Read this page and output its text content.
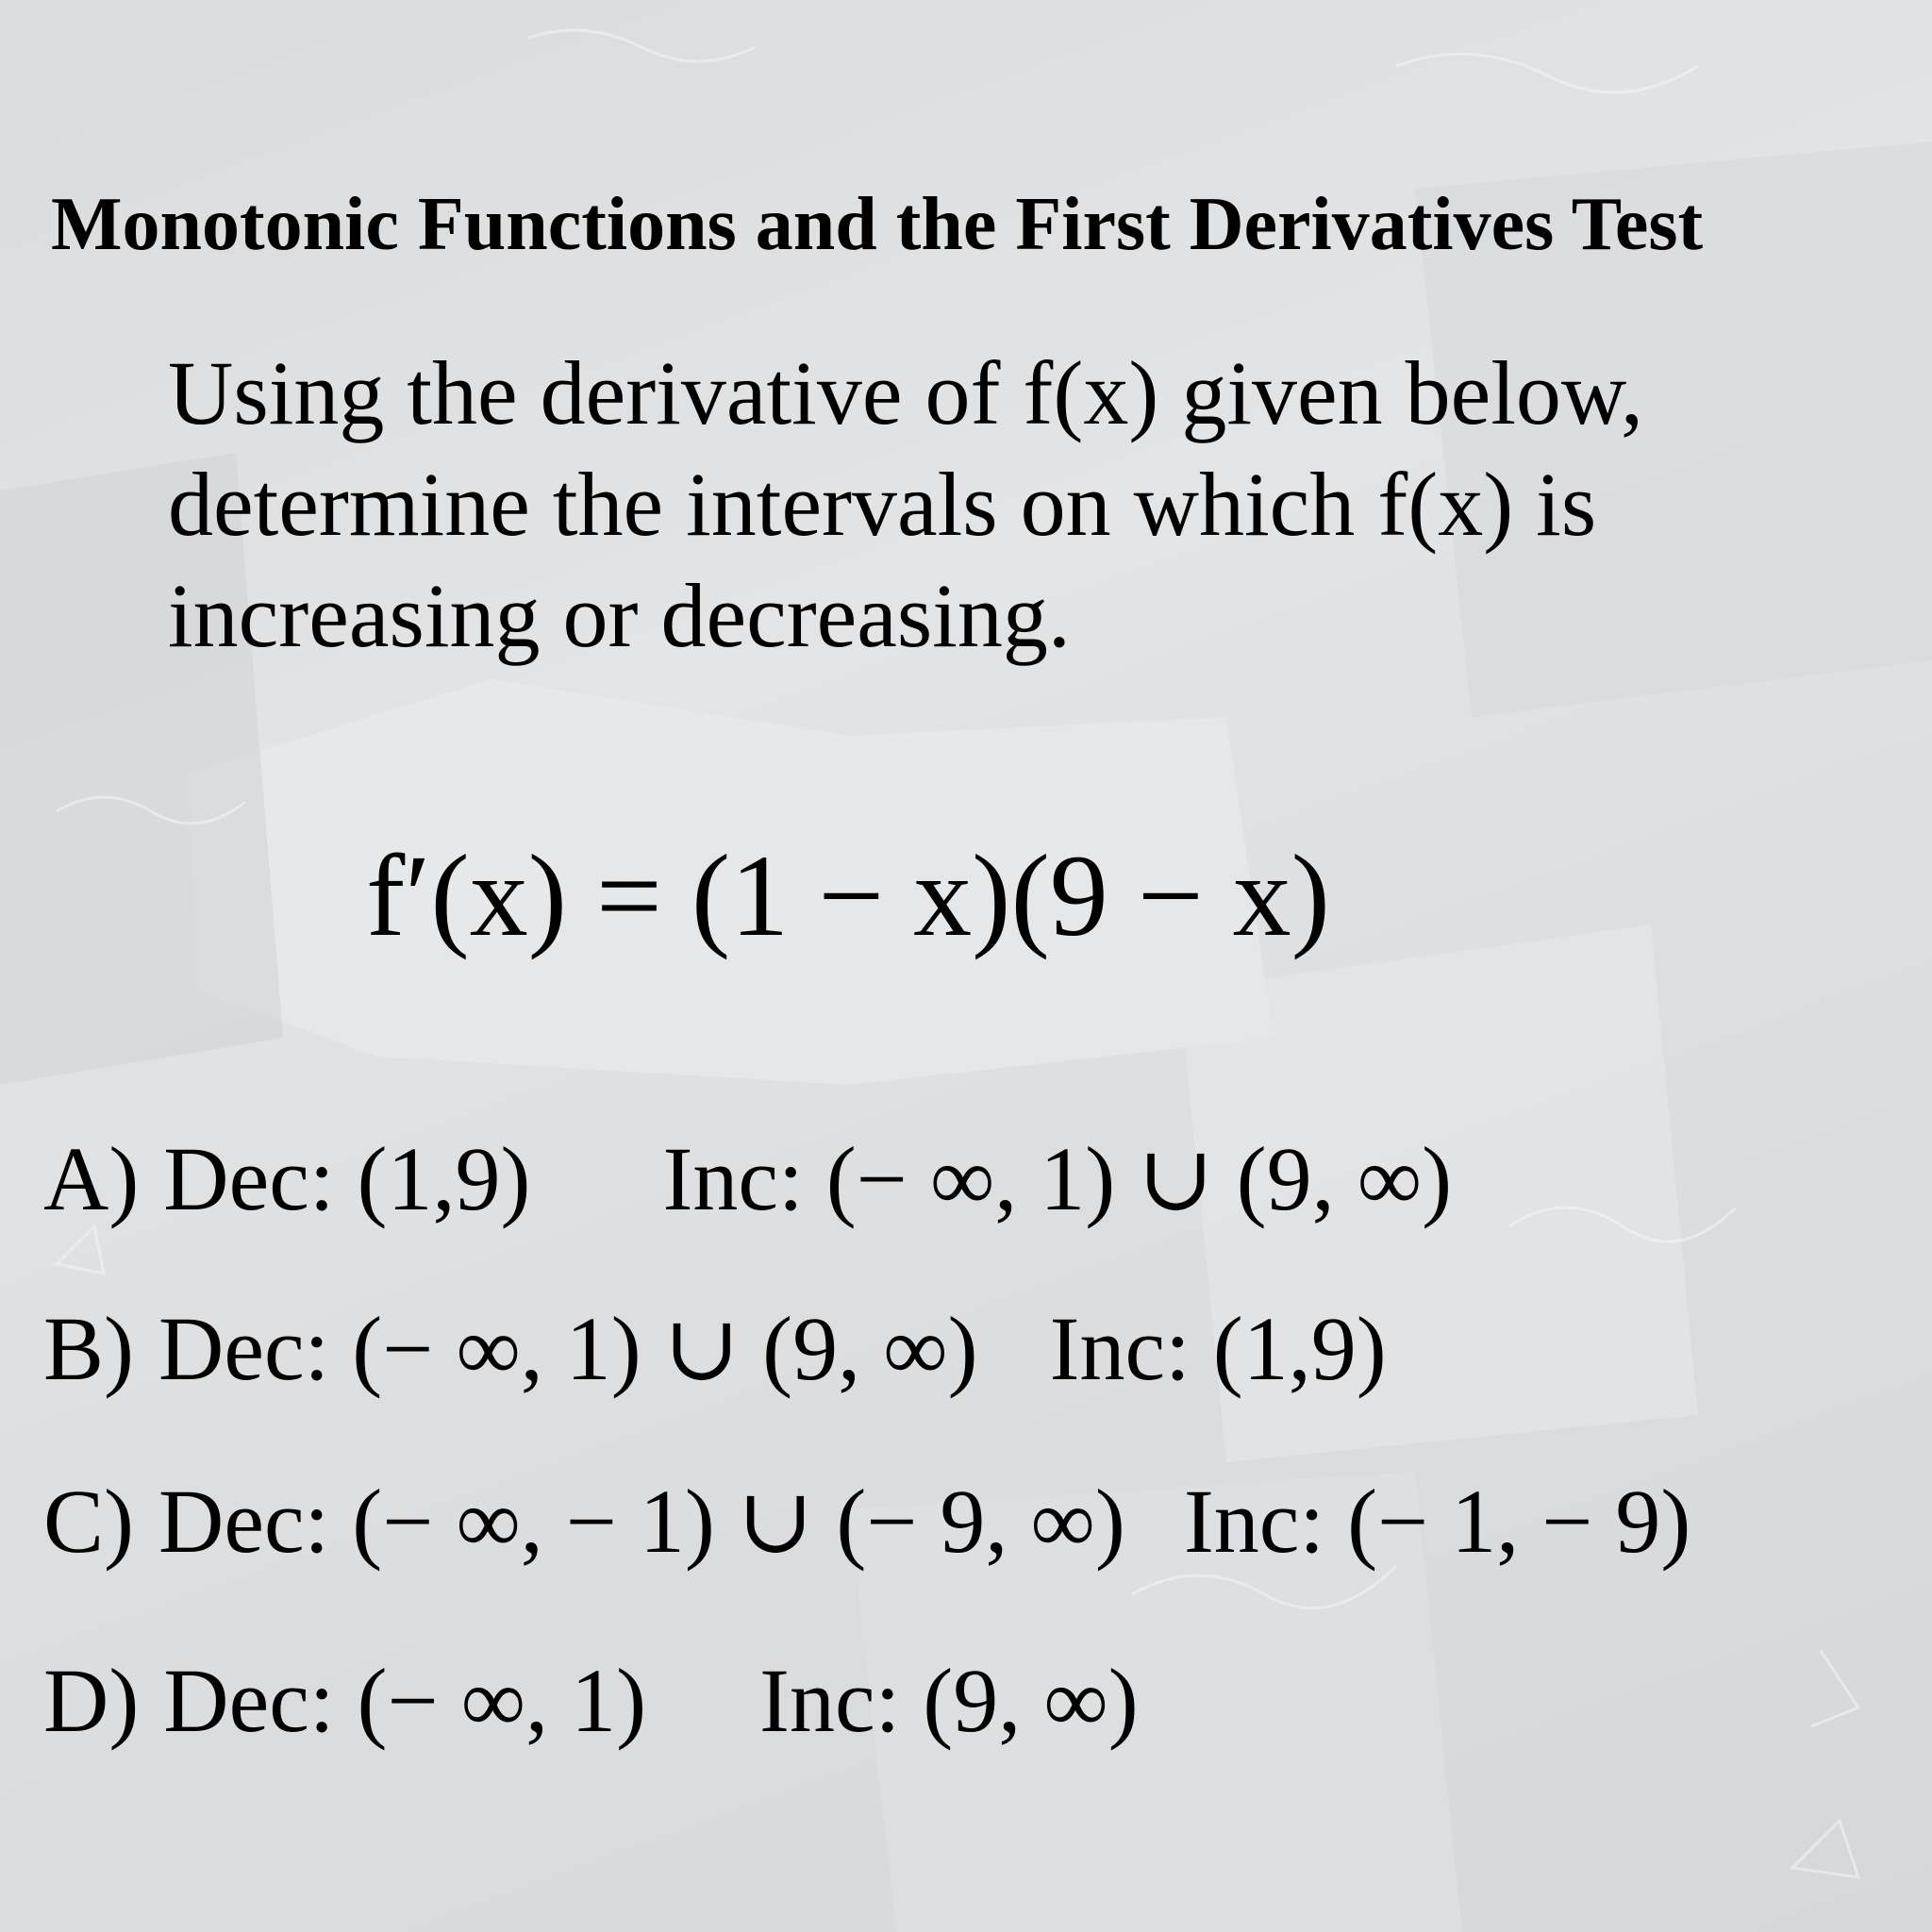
Monotonic Functions and the First Derivatives Test
Using the derivative of f(x) given below,
determine the intervals on which f(x) is
increasing or decreasing.
f′(x) = (1 − x)(9 − x)
A) Dec: (1,9) Inc: (− ∞, 1) ∪ (9, ∞)
B) Dec: (− ∞, 1) ∪ (9, ∞) Inc: (1,9)
C) Dec: (− ∞, − 1) ∪ (− 9, ∞) Inc: (− 1, − 9)
D) Dec: (− ∞, 1) Inc: (9, ∞)
